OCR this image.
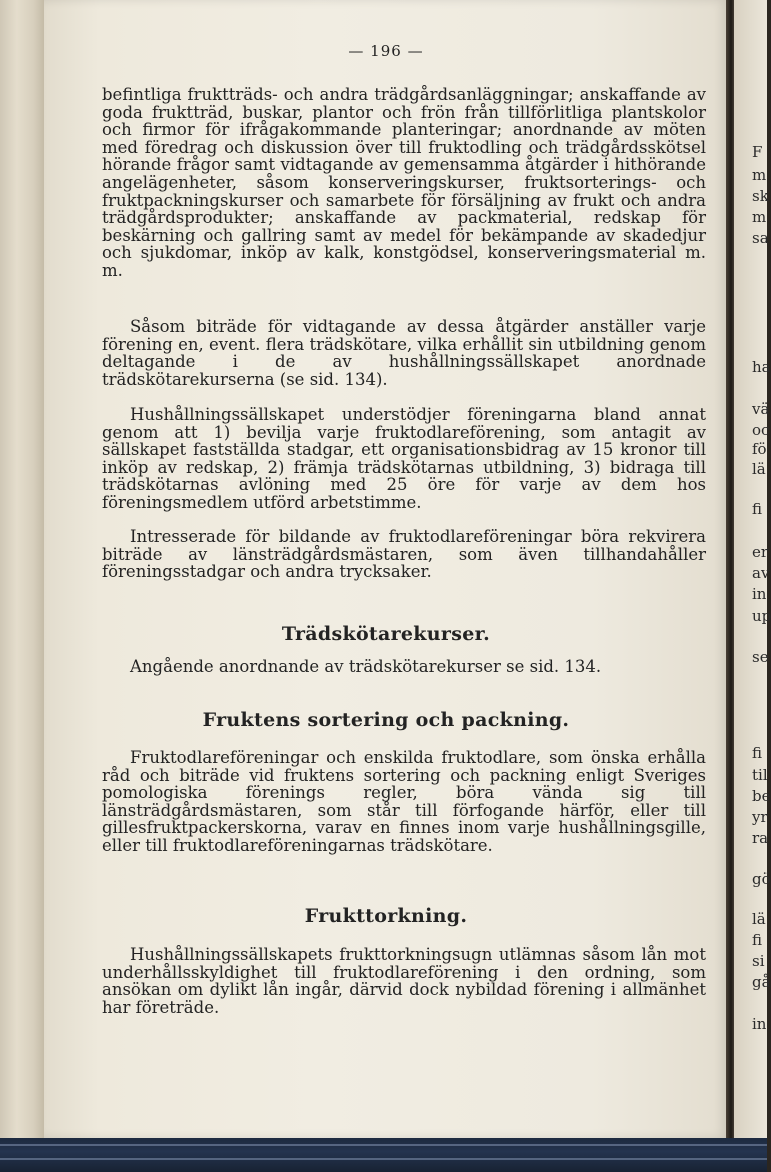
— 196 —

befintliga fruktträds- och andra trädgårdsanläggningar; anskaffande av goda fruktträd, buskar, plantor och frön från tillförlitliga plantskolor och firmor för ifrågakommande planteringar; anordnande av möten med föredrag och diskussion över till fruktodling och trädgårdsskötsel hörande frågor samt vidtagande av gemensamma åtgärder i hithörande angelägenheter, såsom konserveringskurser, fruktsorterings- och fruktpackningskurser och samarbete för försäljning av frukt och andra trädgårdsprodukter; anskaffande av packmaterial, redskap för beskärning och gallring samt av medel för bekämpande av skadedjur och sjukdomar, inköp av kalk, konstgödsel, konserveringsmaterial m. m.

Såsom biträde för vidtagande av dessa åtgärder anställer varje förening en, event. flera trädskötare, vilka erhållit sin utbildning genom deltagande i de av hushållningssällskapet anordnade trädskötarekurserna (se sid. 134).

Hushållningssällskapet understödjer föreningarna bland annat genom att 1) bevilja varje fruktodlareförening, som antagit av sällskapet fastställda stadgar, ett organisationsbidrag av 15 kronor till inköp av redskap, 2) främja trädskötarnas utbildning, 3) bidraga till trädskötarnas avlöning med 25 öre för varje av dem hos föreningsmedlem utförd arbetstimme.

Intresserade för bildande av fruktodlareföreningar böra rekvirera biträde av länsträdgårdsmästaren, som även tillhandahåller föreningsstadgar och andra trycksaker.

Trädskötarekurser.

Angående anordnande av trädskötarekurser se sid. 134.

Fruktens sortering och packning.

Fruktodlareföreningar och enskilda fruktodlare, som önska erhålla råd och biträde vid fruktens sortering och packning enligt Sveriges pomologiska förenings regler, böra vända sig till länsträdgårdsmästaren, som står till förfogande härför, eller till gillesfruktpackerskorna, varav en finnes inom varje hushållningsgille, eller till fruktodlareföreningarnas trädskötare.

Frukttorkning.

Hushållningssällskapets frukttorkningsugn utlämnas såsom lån mot underhållsskyldighet till fruktodlareförening i den ordning, som ansökan om dylikt lån ingår, därvid dock nybildad förening i allmänhet har företräde.

F
m
sk
m
sa
ha
vä
oc
fö
lä
fi
er
av
in
up
se
fi
til
be
yr
ra
gö
lä
fi
si
gå
in
